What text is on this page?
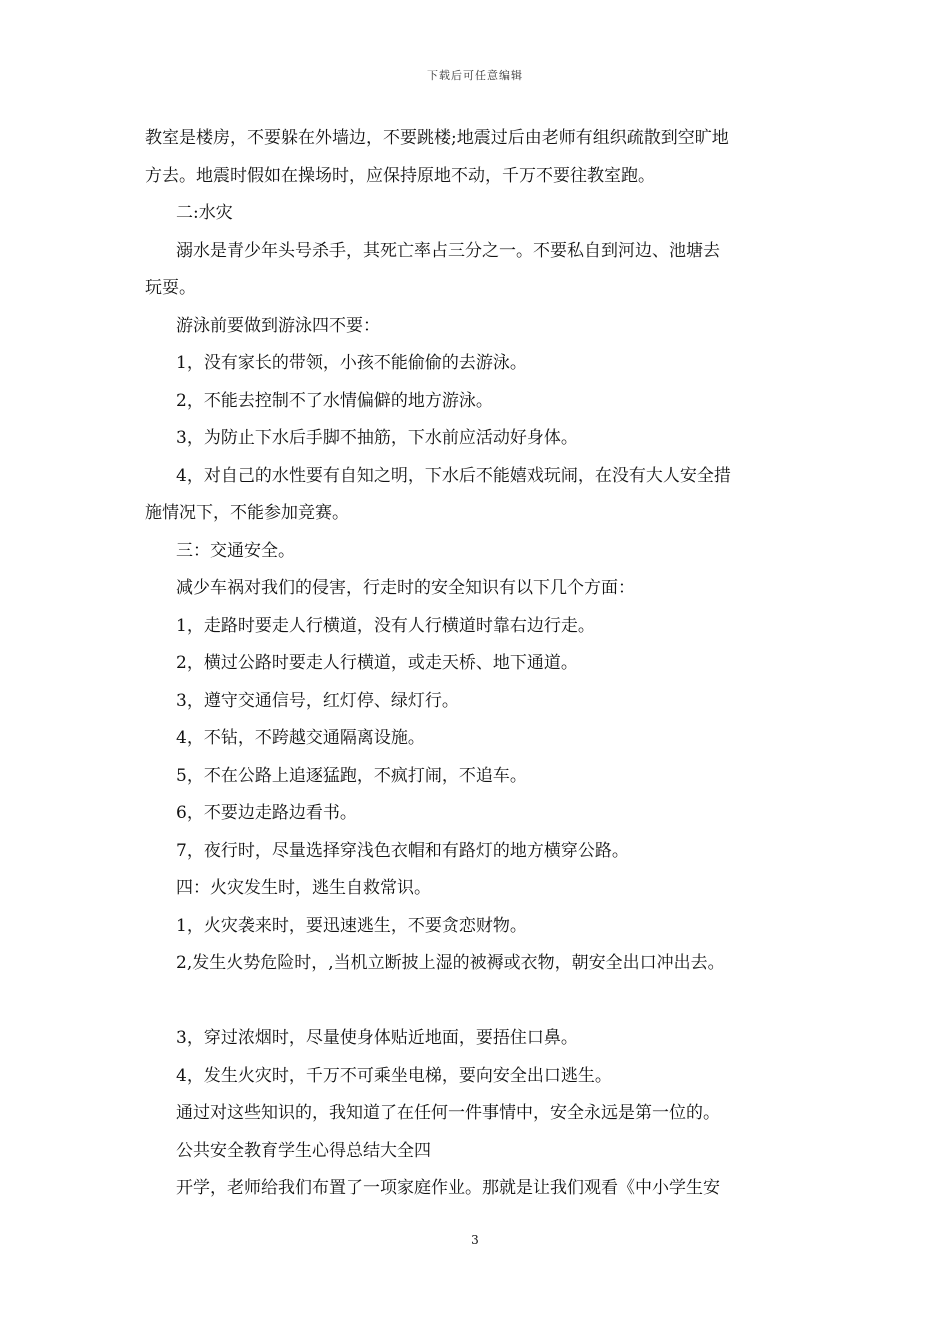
下载后可任意编辑

教室是楼房，不要躲在外墙边，不要跳楼;地震过后由老师有组织疏散到空旷地

方去。地震时假如在操场时，应保持原地不动，千万不要往教室跑。

二:水灾

溺水是青少年头号杀手，其死亡率占三分之一。不要私自到河边、池塘去

玩耍。

游泳前要做到游泳四不要：

1，没有家长的带领，小孩不能偷偷的去游泳。

2，不能去控制不了水情偏僻的地方游泳。

3，为防止下水后手脚不抽筋，下水前应活动好身体。

4，对自己的水性要有自知之明，下水后不能嬉戏玩闹，在没有大人安全措

施情况下，不能参加竞赛。

三：交通安全。

减少车祸对我们的侵害，行走时的安全知识有以下几个方面：

1，走路时要走人行横道，没有人行横道时靠右边行走。

2，横过公路时要走人行横道，或走天桥、地下通道。

3，遵守交通信号，红灯停、绿灯行。

4，不钻，不跨越交通隔离设施。

5，不在公路上追逐猛跑，不疯打闹，不追车。

6，不要边走路边看书。

7，夜行时，尽量选择穿浅色衣帽和有路灯的地方横穿公路。

四：火灾发生时，逃生自救常识。

1，火灾袭来时，要迅速逃生，不要贪恋财物。

2,发生火势危险时，,当机立断披上湿的被褥或衣物，朝安全出口冲出去。

3，穿过浓烟时，尽量使身体贴近地面，要捂住口鼻。

4，发生火灾时，千万不可乘坐电梯，要向安全出口逃生。

通过对这些知识的，我知道了在任何一件事情中，安全永远是第一位的。

公共安全教育学生心得总结大全四

开学，老师给我们布置了一项家庭作业。那就是让我们观看《中小学生安

3
